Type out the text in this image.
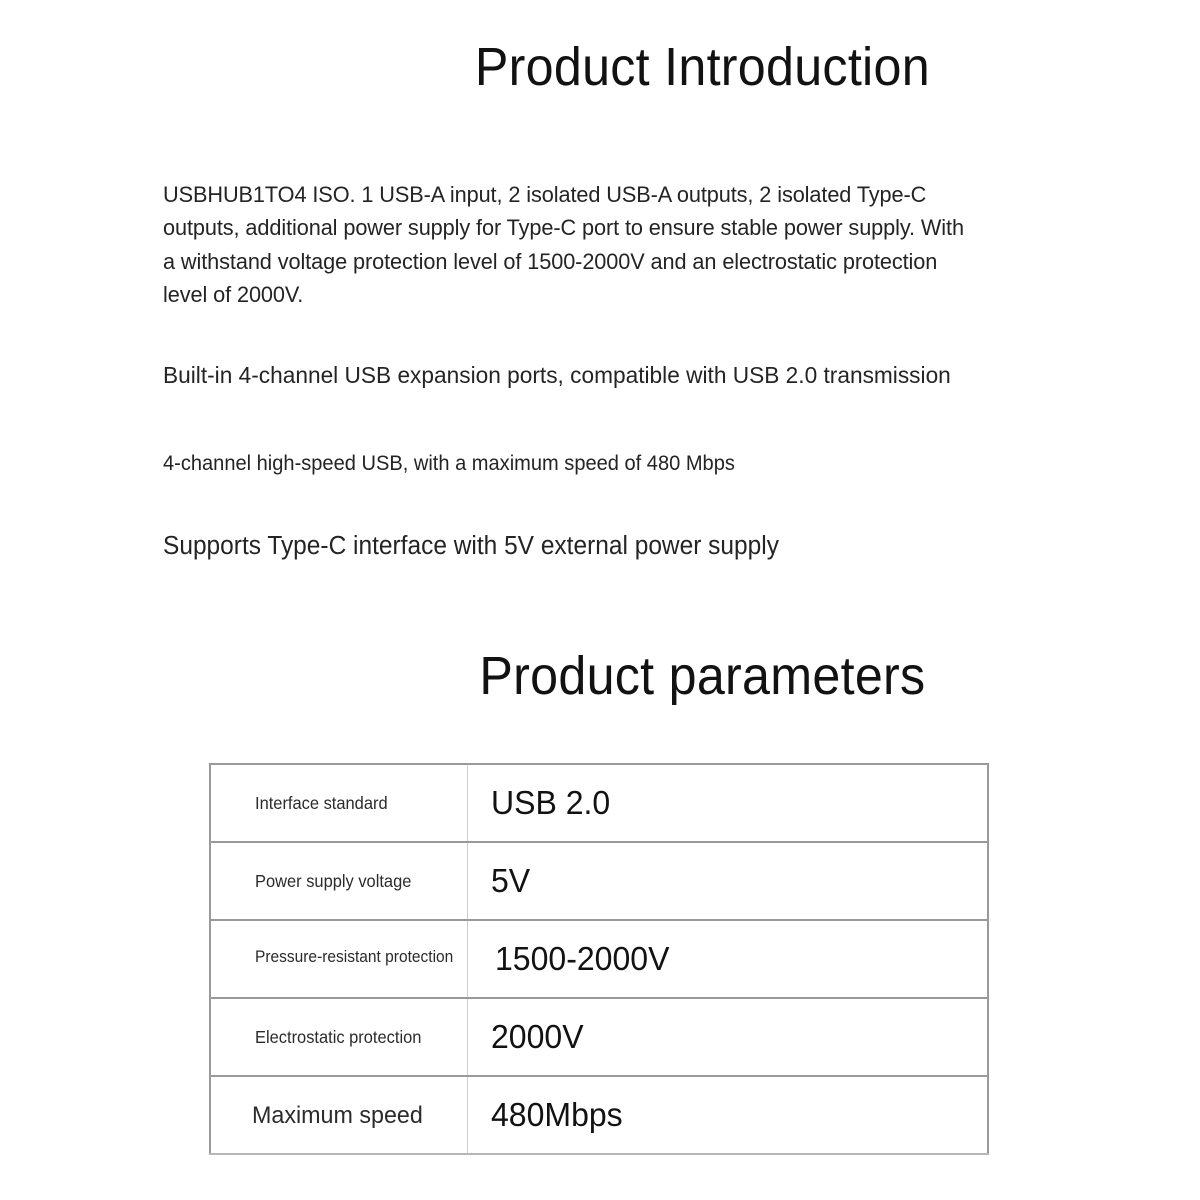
Product Introduction

USBHUB1TO4 ISO. 1 USB-A input, 2 isolated USB-A outputs, 2 isolated Type-C outputs, additional power supply for Type-C port to ensure stable power supply. With a withstand voltage protection level of 1500-2000V and an electrostatic protection level of 2000V.

Built-in 4-channel USB expansion ports, compatible with USB 2.0 transmission
4-channel high-speed USB, with a maximum speed of 480 Mbps
Supports Type-C interface with 5V external power supply
Product parameters
Interface standard	USB 2.0

Power supply voltage	5V

Pressure-resistant protection	1500-2000V

Electrostatic protection	2000V

Maximum speed	480Mbps
